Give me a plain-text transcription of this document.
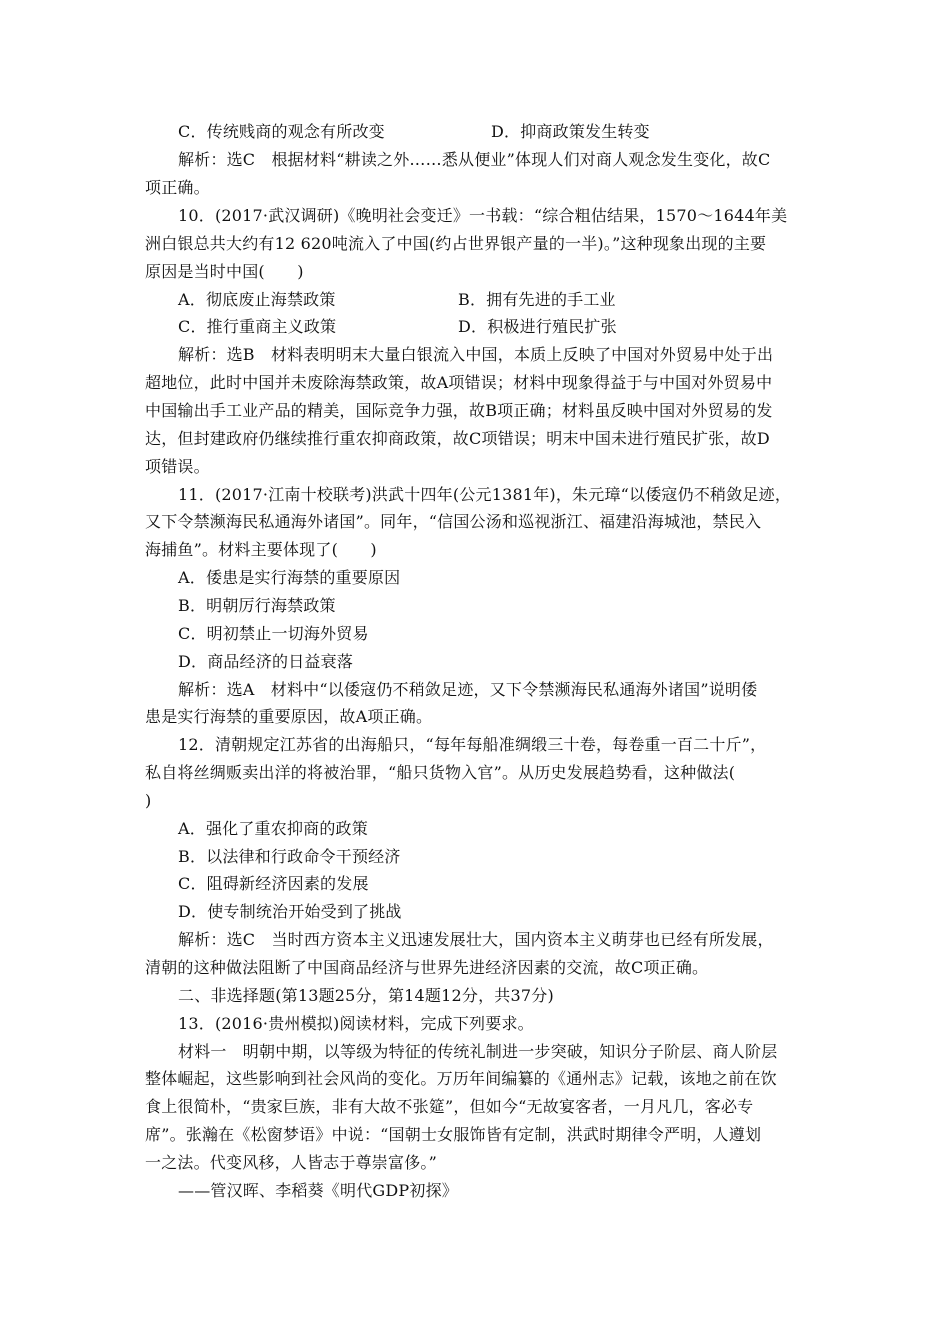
C．传统贱商的观念有所改变	D．抑商政策发生转变
解析：选C　根据材料“耕读之外……悉从便业”体现人们对商人观念发生变化，故C
项正确。
10．(2017·武汉调研)《晚明社会变迁》一书载：“综合粗估结果，1570～1644年美
洲白银总共大约有12 620吨流入了中国(约占世界银产量的一半)。”这种现象出现的主要
原因是当时中国(　　)
A．彻底废止海禁政策	B．拥有先进的手工业
C．推行重商主义政策	D．积极进行殖民扩张
解析：选B　材料表明明末大量白银流入中国，本质上反映了中国对外贸易中处于出
超地位，此时中国并未废除海禁政策，故A项错误；材料中现象得益于与中国对外贸易中
中国输出手工业产品的精美，国际竞争力强，故B项正确；材料虽反映中国对外贸易的发
达，但封建政府仍继续推行重农抑商政策，故C项错误；明末中国未进行殖民扩张，故D
项错误。
11．(2017·江南十校联考)洪武十四年(公元1381年)，朱元璋“以倭寇仍不稍敛足迹，
又下令禁濒海民私通海外诸国”。同年，“信国公汤和巡视浙江、福建沿海城池，禁民入
海捕鱼”。材料主要体现了(　　)
A．倭患是实行海禁的重要原因
B．明朝厉行海禁政策
C．明初禁止一切海外贸易
D．商品经济的日益衰落
解析：选A　材料中“以倭寇仍不稍敛足迹，又下令禁濒海民私通海外诸国”说明倭
患是实行海禁的重要原因，故A项正确。
12．清朝规定江苏省的出海船只，“每年每船准绸缎三十卷，每卷重一百二十斤”，
私自将丝绸贩卖出洋的将被治罪，“船只货物入官”。从历史发展趋势看，这种做法(
)
A．强化了重农抑商的政策
B．以法律和行政命令干预经济
C．阻碍新经济因素的发展
D．使专制统治开始受到了挑战
解析：选C　当时西方资本主义迅速发展壮大，国内资本主义萌芽也已经有所发展，
清朝的这种做法阻断了中国商品经济与世界先进经济因素的交流，故C项正确。
二、非选择题(第13题25分，第14题12分，共37分)
13．(2016·贵州模拟)阅读材料，完成下列要求。
材料一　明朝中期，以等级为特征的传统礼制进一步突破，知识分子阶层、商人阶层
整体崛起，这些影响到社会风尚的变化。万历年间编纂的《通州志》记载，该地之前在饮
食上很简朴，“贵家巨族，非有大故不张筵”，但如今“无故宴客者，一月凡几，客必专
席”。张瀚在《松窗梦语》中说：“国朝士女服饰皆有定制，洪武时期律令严明，人遵划
一之法。代变风移，人皆志于尊崇富侈。”
——管汉晖、李稻葵《明代GDP初探》
